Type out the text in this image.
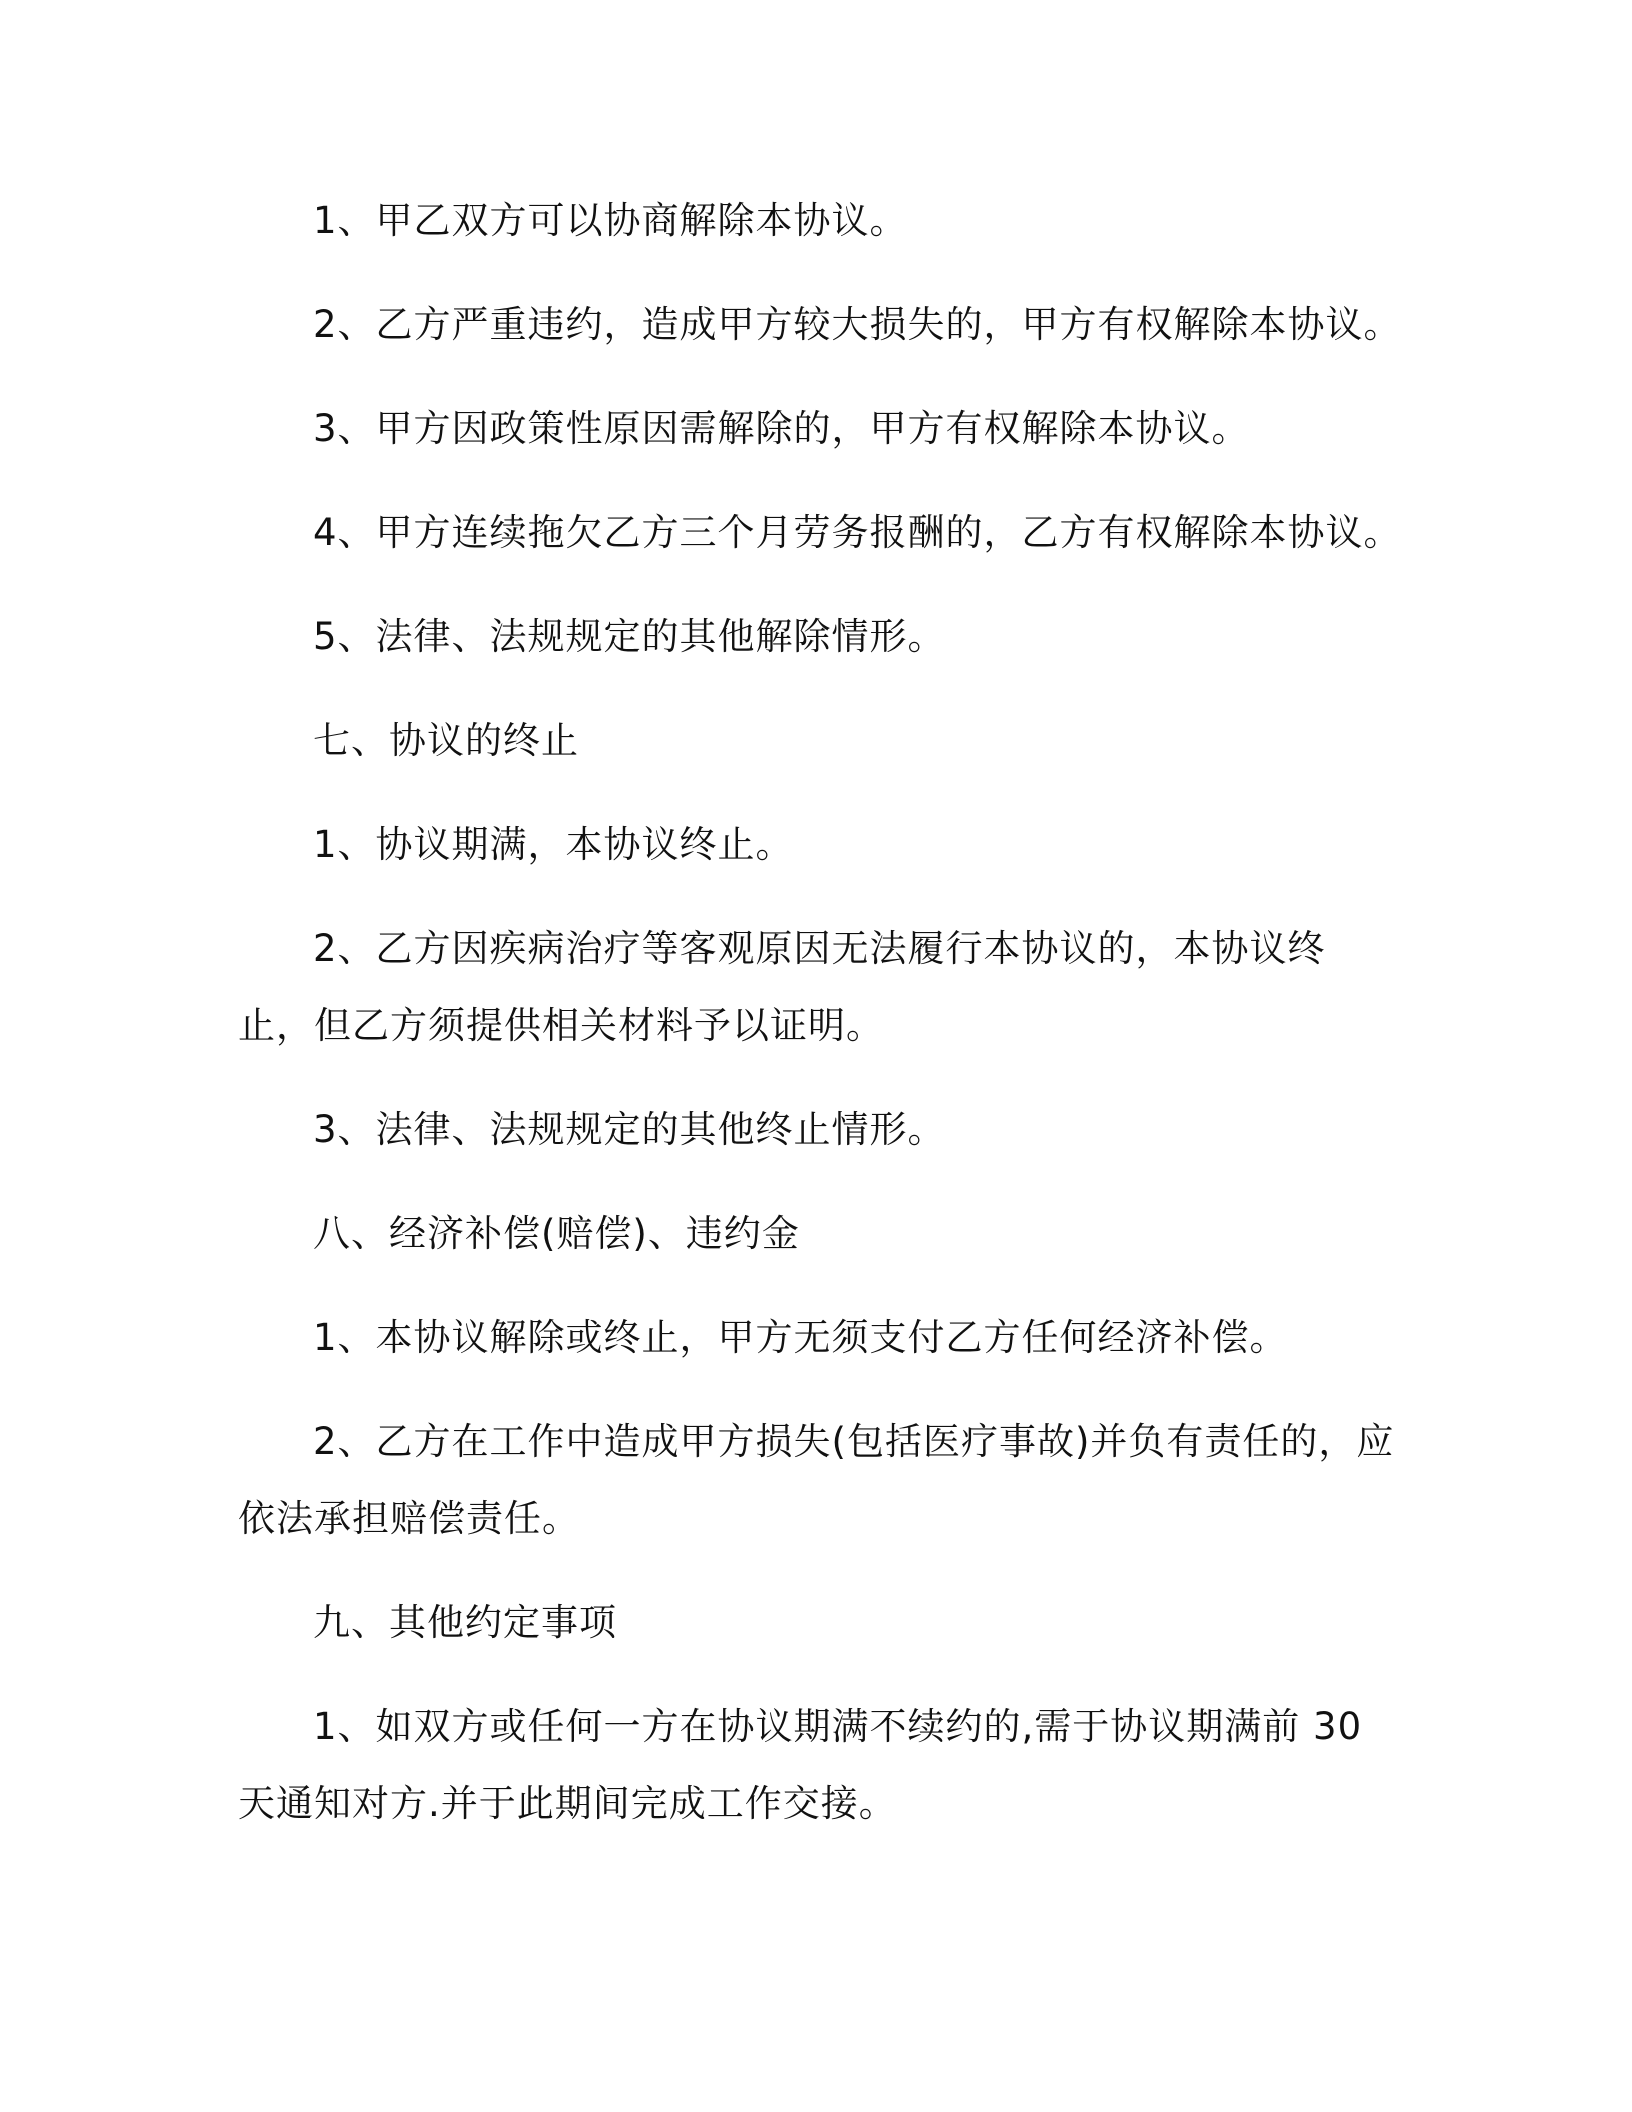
1、甲乙双方可以协商解除本协议。

2、乙方严重违约，造成甲方较大损失的，甲方有权解除本协议。

3、甲方因政策性原因需解除的，甲方有权解除本协议。

4、甲方连续拖欠乙方三个月劳务报酬的，乙方有权解除本协议。

5、法律、法规规定的其他解除情形。

七、协议的终止

1、协议期满，本协议终止。

2、乙方因疾病治疗等客观原因无法履行本协议的，本协议终止，但乙方须提供相关材料予以证明。

3、法律、法规规定的其他终止情形。

八、经济补偿(赔偿)、违约金

1、本协议解除或终止，甲方无须支付乙方任何经济补偿。

2、乙方在工作中造成甲方损失(包括医疗事故)并负有责任的，应依法承担赔偿责任。

九、其他约定事项

1、如双方或任何一方在协议期满不续约的,需于协议期满前 30 天通知对方.并于此期间完成工作交接。
